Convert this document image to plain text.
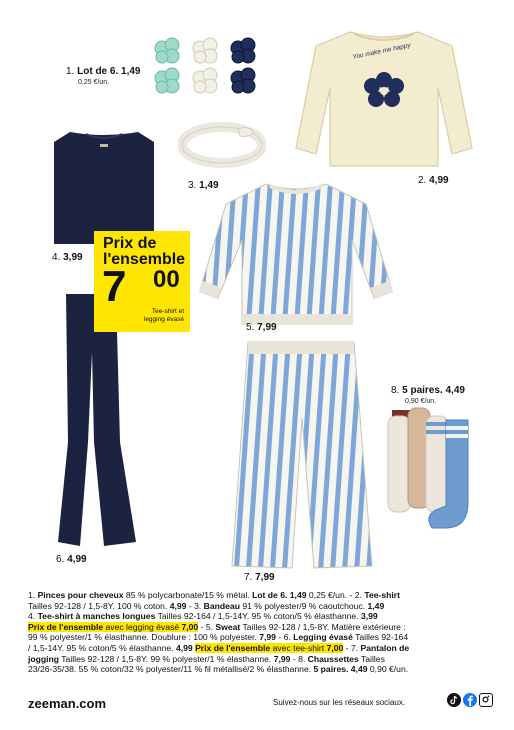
You make me happy
1. Lot de 6. 1,49
0,25 €/un.
2. 4,99
3. 1,49
4. 3,99
5. 7,99
6. 4,99
7. 7,99
8. 5 paires. 4,49
0,90 €/un.
Prix de
l'ensemble
7 00
Tee-shirt et
legging évasé

1. Pinces pour cheveux 85 % polycarbonate/15 % métal. Lot de 6. 1,49 0,25 €/un. - 2. Tee-shirt

Tailles 92-128 / 1,5-8Y. 100 % coton. 4,99 - 3. Bandeau 91 % polyester/9 % caoutchouc. 1,49

4. Tee-shirt à manches longues Tailles 92-164 / 1,5-14Y. 95 % coton/5 % élasthanne. 3,99

Prix de l'ensemble avec legging évasé 7,00 - 5. Sweat Tailles 92-128 / 1,5-8Y. Matière extérieure :

99 % polyester/1 % élasthanne. Doublure : 100 % polyester. 7,99 - 6. Legging évasé Tailles 92-164

/ 1,5-14Y. 95 % coton/5 % élasthanne. 4,99 Prix de l'ensemble avec tee-shirt 7,00 - 7. Pantalon de

jogging Tailles 92-128 / 1,5-8Y. 99 % polyester/1 % élasthanne. 7,99 - 8. Chaussettes Tailles

23/26-35/38. 55 % coton/32 % polyester/11 % fil métallisé/2 % élasthanne. 5 paires. 4,49 0,90 €/un.

zeeman.com	Suivez-nous sur les réseaux sociaux.
